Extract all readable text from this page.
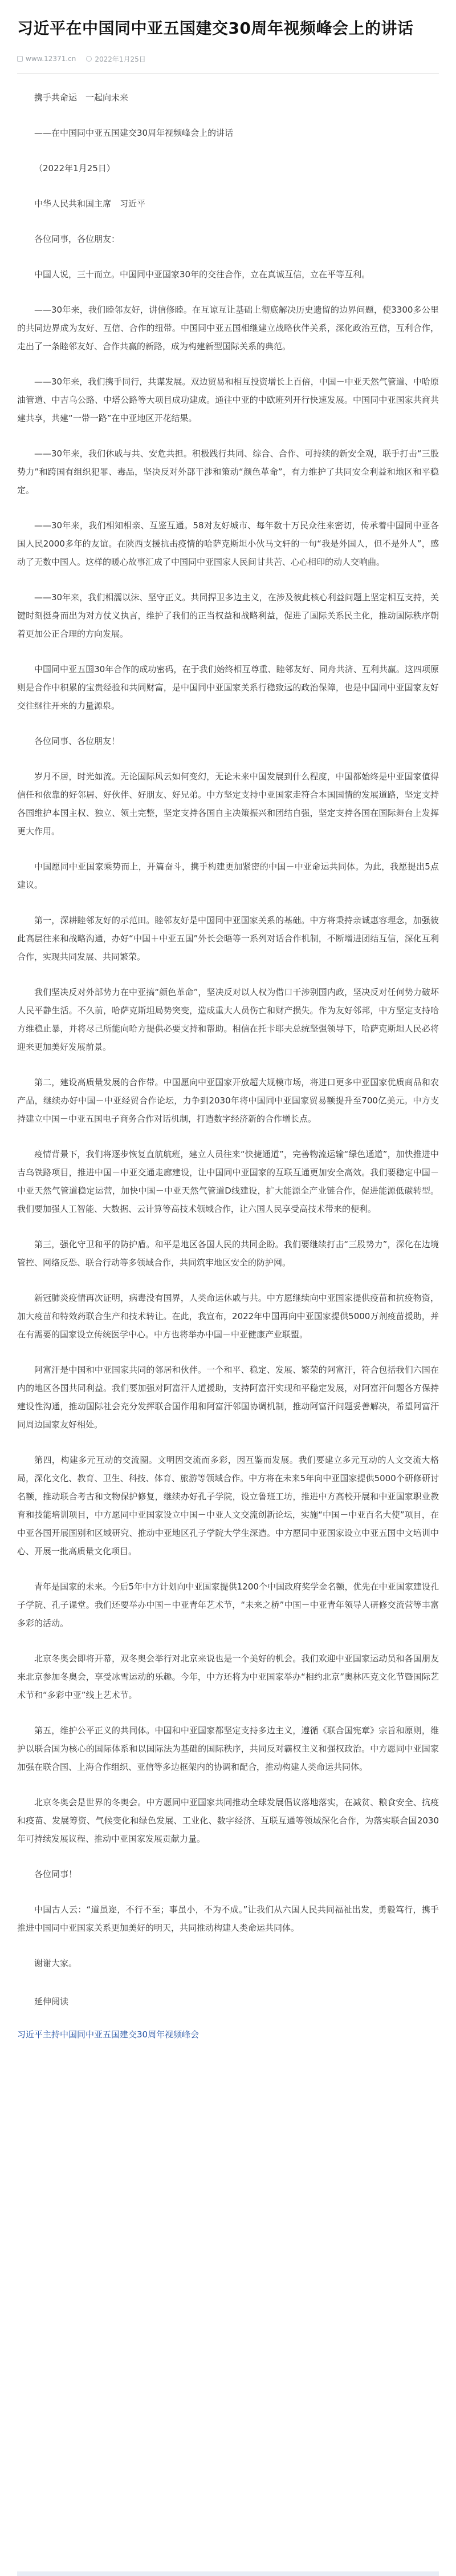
习近平在中国同中亚五国建交30周年视频峰会上的讲话
www.12371.cn	2022年1月25日

携手共命运　一起向未来

——在中国同中亚五国建交30周年视频峰会上的讲话

（2022年1月25日）

中华人民共和国主席　习近平

各位同事，各位朋友：

中国人说，三十而立。中国同中亚国家30年的交往合作，立在真诚互信，立在平等互利。

——30年来，我们睦邻友好，讲信修睦。在互谅互让基础上彻底解决历史遗留的边界问题，使3300多公里的共同边界成为友好、互信、合作的纽带。中国同中亚五国相继建立战略伙伴关系，深化政治互信，互利合作，走出了一条睦邻友好、合作共赢的新路，成为构建新型国际关系的典范。

——30年来，我们携手同行，共谋发展。双边贸易和相互投资增长上百倍，中国－中亚天然气管道、中哈原油管道、中吉乌公路、中塔公路等大项目成功建成。通往中亚的中欧班列开行快速发展。中国同中亚国家共商共建共享，共建“一带一路”在中亚地区开花结果。

——30年来，我们休戚与共、安危共担。积极践行共同、综合、合作、可持续的新安全观，联手打击“三股势力”和跨国有组织犯罪、毒品，坚决反对外部干涉和策动“颜色革命”，有力维护了共同安全利益和地区和平稳定。

——30年来，我们相知相亲、互鉴互通。58对友好城市、每年数十万民众往来密切，传承着中国同中亚各国人民2000多年的友谊。在陕西支援抗击疫情的哈萨克斯坦小伙马文轩的一句“我是外国人，但不是外人”，感动了无数中国人。这样的暖心故事汇成了中国同中亚国家人民间甘共苦、心心相印的动人交响曲。

——30年来，我们相濡以沫、坚守正义。共同捍卫多边主义，在涉及彼此核心利益问题上坚定相互支持，关键时刻挺身而出为对方仗义执言，维护了我们的正当权益和战略利益，促进了国际关系民主化，推动国际秩序朝着更加公正合理的方向发展。

中国同中亚五国30年合作的成功密码，在于我们始终相互尊重、睦邻友好、同舟共济、互利共赢。这四项原则是合作中积累的宝贵经验和共同财富，是中国同中亚国家关系行稳致远的政治保障，也是中国同中亚国家友好交往继往开来的力量源泉。

各位同事、各位朋友！

岁月不居，时光如流。无论国际风云如何变幻，无论未来中国发展到什么程度，中国都始终是中亚国家值得信任和依靠的好邻居、好伙伴、好朋友、好兄弟。中方坚定支持中亚国家走符合本国国情的发展道路，坚定支持各国维护本国主权、独立、领土完整，坚定支持各国自主决策振兴和团结自强，坚定支持各国在国际舞台上发挥更大作用。

中国愿同中亚国家乘势而上，开篇奋斗，携手构建更加紧密的中国－中亚命运共同体。为此，我愿提出5点建议。

第一，深耕睦邻友好的示范田。睦邻友好是中国同中亚国家关系的基础。中方将秉持亲诚惠容理念，加强彼此高层往来和战略沟通，办好“中国＋中亚五国”外长会晤等一系列对话合作机制，不断增进团结互信，深化互利合作，实现共同发展、共同繁荣。

我们坚决反对外部势力在中亚搞“颜色革命”，坚决反对以人权为借口干涉别国内政，坚决反对任何势力破坏人民平静生活。不久前，哈萨克斯坦局势突变，造成重大人员伤亡和财产损失。作为友好邻邦，中方坚定支持哈方维稳止暴，并将尽己所能向哈方提供必要支持和帮助。相信在托卡耶夫总统坚强领导下，哈萨克斯坦人民必将迎来更加美好发展前景。

第二，建设高质量发展的合作带。中国愿向中亚国家开放超大规模市场，将进口更多中亚国家优质商品和农产品，继续办好中国－中亚经贸合作论坛，力争到2030年将中国同中亚国家贸易额提升至700亿美元。中方支持建立中国－中亚五国电子商务合作对话机制，打造数字经济新的合作增长点。

疫情背景下，我们将逐步恢复直航航班，建立人员往来“快捷通道”，完善物流运输“绿色通道”，加快推进中吉乌铁路项目，推进中国－中亚交通走廊建设，让中国同中亚国家的互联互通更加安全高效。我们要稳定中国－中亚天然气管道稳定运营，加快中国－中亚天然气管道D线建设，扩大能源全产业链合作，促进能源低碳转型。我们要加强人工智能、大数据、云计算等高技术领域合作，让六国人民享受高技术带来的便利。

第三，强化守卫和平的防护盾。和平是地区各国人民的共同企盼。我们要继续打击“三股势力”，深化在边境管控、网络反恐、联合行动等多领域合作，共同筑牢地区安全的防护网。

新冠肺炎疫情再次证明，病毒没有国界，人类命运休戚与共。中方愿继续向中亚国家提供疫苗和抗疫物资，加大疫苗和特效药联合生产和技术转让。在此，我宣布，2022年中国再向中亚国家提供5000万剂疫苗援助，并在有需要的国家设立传统医学中心。中方也将举办中国－中亚健康产业联盟。

阿富汗是中国和中亚国家共同的邻居和伙伴。一个和平、稳定、发展、繁荣的阿富汗，符合包括我们六国在内的地区各国共同利益。我们要加强对阿富汗人道援助，支持阿富汗实现和平稳定发展，对阿富汗问题各方保持建设性沟通，推动国际社会充分发挥联合国作用和阿富汗邻国协调机制，推动阿富汗问题妥善解决，希望阿富汗同周边国家友好相处。

第四，构建多元互动的交流圈。文明因交流而多彩，因互鉴而发展。我们要建立多元互动的人文交流大格局，深化文化、教育、卫生、科技、体育、旅游等领域合作。中方将在未来5年向中亚国家提供5000个研修研讨名额，推动联合考古和文物保护修复，继续办好孔子学院，设立鲁班工坊，推进中方高校开展和中亚国家职业教育和技能培训项目，中方愿同中亚国家设立中国－中亚人文交流创新论坛，实施“中国－中亚百名大使”项目，在中亚各国开展国别和区域研究、推动中亚地区孔子学院大学生深造。中方愿同中亚国家设立中亚五国中文培训中心、开展一批高质量文化项目。

青年是国家的未来。今后5年中方计划向中亚国家提供1200个中国政府奖学金名额，优先在中亚国家建设孔子学院、孔子课堂。我们还要举办中国－中亚青年艺术节，“未来之桥”中国－中亚青年领导人研修交流营等丰富多彩的活动。

北京冬奥会即将开幕，双冬奥会举行对北京来说也是一个美好的机会。我们欢迎中亚国家运动员和各国朋友来北京参加冬奥会，享受冰雪运动的乐趣。今年，中方还将为中亚国家举办“相约北京”奥林匹克文化节暨国际艺术节和“多彩中亚”线上艺术节。

第五，维护公平正义的共同体。中国和中亚国家都坚定支持多边主义，遵循《联合国宪章》宗旨和原则，维护以联合国为核心的国际体系和以国际法为基础的国际秩序，共同反对霸权主义和强权政治。中方愿同中亚国家加强在联合国、上海合作组织、亚信等多边框架内的协调和配合，推动构建人类命运共同体。

北京冬奥会是世界的冬奥会。中方愿同中亚国家共同推动全球发展倡议落地落实，在减贫、粮食安全、抗疫和疫苗、发展筹资、气候变化和绿色发展、工业化、数字经济、互联互通等领域深化合作，为落实联合国2030年可持续发展议程、推动中亚国家发展贡献力量。

各位同事！

中国古人云：“道虽迩，不行不至；事虽小，不为不成。”让我们从六国人民共同福祉出发，勇毅笃行，携手推进中国同中亚国家关系更加美好的明天，共同推动构建人类命运共同体。

谢谢大家。

延伸阅读
习近平主持中国同中亚五国建交30周年视频峰会
